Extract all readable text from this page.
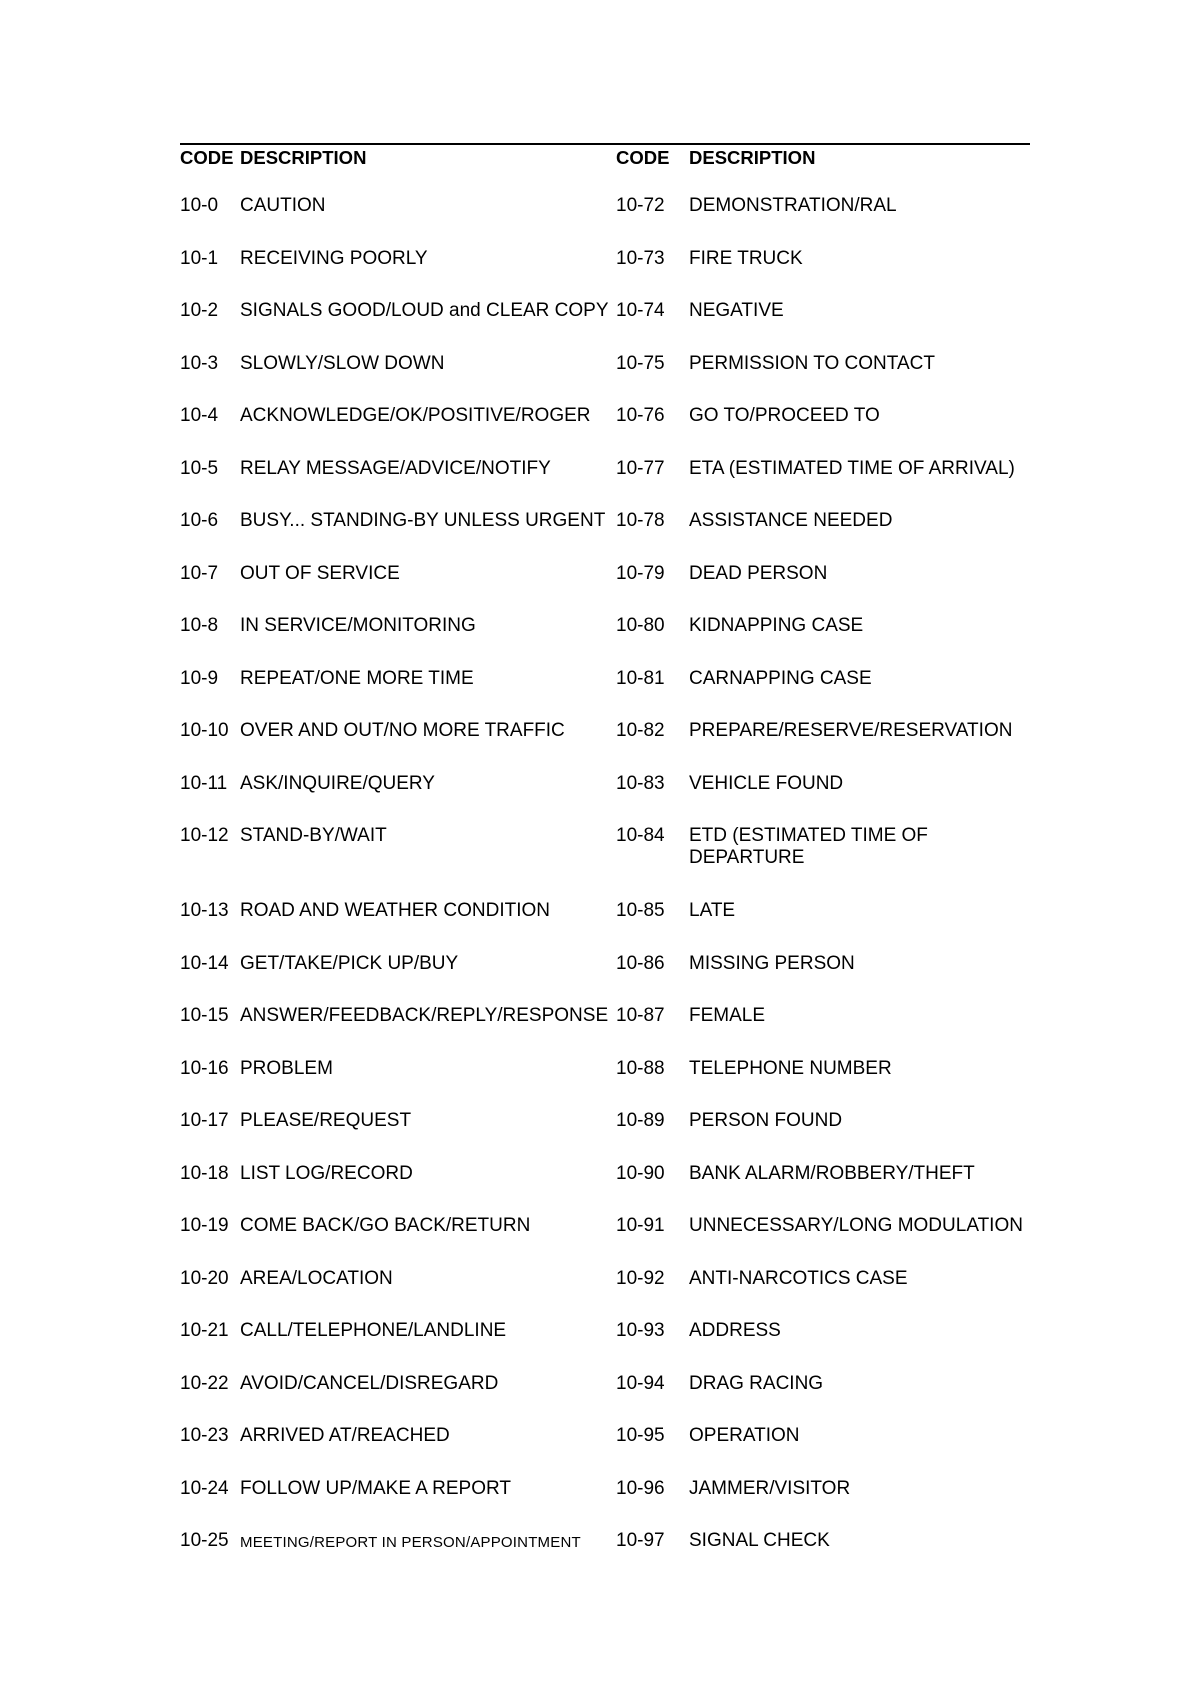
CODE DESCRIPTION	CODE DESCRIPTION
10-0 CAUTION	10-72 DEMONSTRATION/RAL
10-1 RECEIVING POORLY	10-73 FIRE TRUCK
10-2 SIGNALS GOOD/LOUD and CLEAR COPY 10-74 NEGATIVE
10-3 SLOWLY/SLOW DOWN	10-75 PERMISSION TO CONTACT
10-4 ACKNOWLEDGE/OK/POSITIVE/ROGER 10-76 GO TO/PROCEED TO
10-5 RELAY MESSAGE/ADVICE/NOTIFY	10-77 ETA (ESTIMATED TIME OF ARRIVAL)
10-6 BUSY... STANDING-BY UNLESS URGENT 10-78 ASSISTANCE NEEDED
10-7 OUT OF SERVICE	10-79 DEAD PERSON
10-8 IN SERVICE/MONITORING	10-80 KIDNAPPING CASE
10-9 REPEAT/ONE MORE TIME	10-81 CARNAPPING CASE
10-10 OVER AND OUT/NO MORE TRAFFIC	10-82 PREPARE/RESERVE/RESERVATION
10-11 ASK/INQUIRE/QUERY	10-83 VEHICLE FOUND
10-12 STAND-BY/WAIT	10-84 ETD (ESTIMATED TIME OF DEPARTURE
10-13 ROAD AND WEATHER CONDITION	10-85 LATE
10-14 GET/TAKE/PICK UP/BUY	10-86 MISSING PERSON
10-15 ANSWER/FEEDBACK/REPLY/RESPONSE 10-87 FEMALE
10-16 PROBLEM	10-88 TELEPHONE NUMBER
10-17 PLEASE/REQUEST	10-89 PERSON FOUND
10-18 LIST LOG/RECORD	10-90 BANK ALARM/ROBBERY/THEFT
10-19 COME BACK/GO BACK/RETURN	10-91 UNNECESSARY/LONG MODULATION
10-20 AREA/LOCATION	10-92 ANTI-NARCOTICS CASE
10-21 CALL/TELEPHONE/LANDLINE	10-93 ADDRESS
10-22 AVOID/CANCEL/DISREGARD	10-94 DRAG RACING
10-23 ARRIVED AT/REACHED	10-95 OPERATION
10-24 FOLLOW UP/MAKE A REPORT	10-96 JAMMER/VISITOR
10-25 MEETING/REPORT IN PERSON/APPOINTMENT 10-97 SIGNAL CHECK
